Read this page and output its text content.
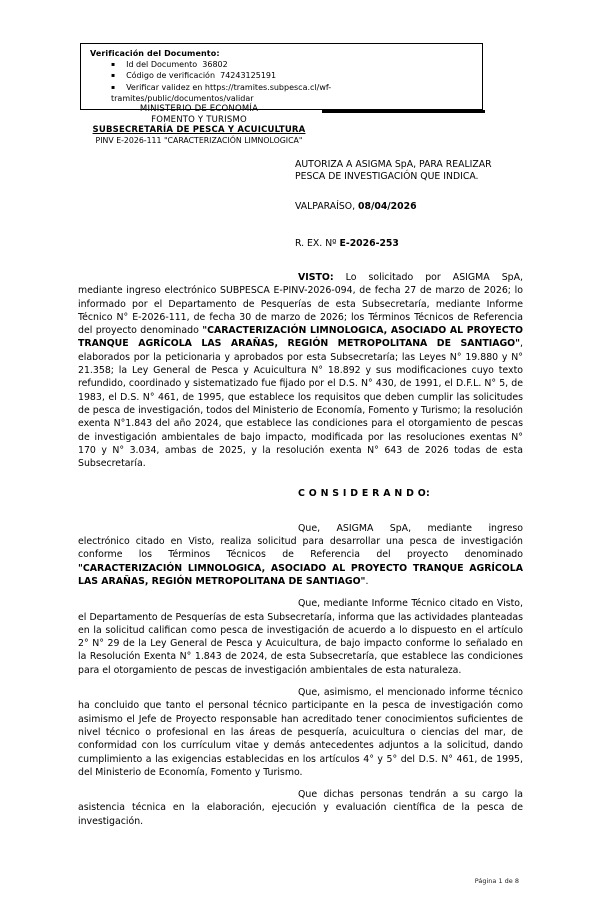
Verificación del Documento:
▪ Id del Documento 36802
▪ Código de verificación 74243125191
▪ Verificar validez en https://tramites.subpesca.cl/wf-tramites/public/documentos/validar
MINISTERIO DE ECONOMÍA
FOMENTO Y TURISMO
SUBSECRETARÍA DE PESCA Y ACUICULTURA
PINV E-2026-111 "CARACTERIZACIÓN LIMNOLOGICA"
AUTORIZA A ASIGMA SpA, PARA REALIZAR
PESCA DE INVESTIGACIÓN QUE INDICA.
VALPARAÍSO, 08/04/2026
R. EX. Nº E-2026-253

VISTO: Lo solicitado por ASIGMA SpA, mediante ingreso electrónico SUBPESCA E-PINV-2026-094, de fecha 27 de marzo de 2026; lo informado por el Departamento de Pesquerías de esta Subsecretaría, mediante Informe Técnico N° E-2026-111, de fecha 30 de marzo de 2026; los Términos Técnicos de Referencia del proyecto denominado "CARACTERIZACIÓN LIMNOLOGICA, ASOCIADO AL PROYECTO TRANQUE AGRÍCOLA LAS ARAÑAS, REGIÓN METROPOLITANA DE SANTIAGO", elaborados por la peticionaria y aprobados por esta Subsecretaría; las Leyes N° 19.880 y N° 21.358; la Ley General de Pesca y Acuicultura N° 18.892 y sus modificaciones cuyo texto refundido, coordinado y sistematizado fue fijado por el D.S. N° 430, de 1991, el D.F.L. N° 5, de 1983, el D.S. N° 461, de 1995, que establece los requisitos que deben cumplir las solicitudes de pesca de investigación, todos del Ministerio de Economía, Fomento y Turismo; la resolución exenta N°1.843 del año 2024, que establece las condiciones para el otorgamiento de pescas de investigación ambientales de bajo impacto, modificada por las resoluciones exentas N° 170 y N° 3.034, ambas de 2025, y la resolución exenta N° 643 de 2026 todas de esta Subsecretaría.

C O N S I D E R A N D O:

Que, ASIGMA SpA, mediante ingreso electrónico citado en Visto, realiza solicitud para desarrollar una pesca de investigación conforme los Términos Técnicos de Referencia del proyecto denominado "CARACTERIZACIÓN LIMNOLOGICA, ASOCIADO AL PROYECTO TRANQUE AGRÍCOLA LAS ARAÑAS, REGIÓN METROPOLITANA DE SANTIAGO".

Que, mediante Informe Técnico citado en Visto, el Departamento de Pesquerías de esta Subsecretaría, informa que las actividades planteadas en la solicitud califican como pesca de investigación de acuerdo a lo dispuesto en el artículo 2° N° 29 de la Ley General de Pesca y Acuicultura, de bajo impacto conforme lo señalado en la Resolución Exenta N° 1.843 de 2024, de esta Subsecretaría, que establece las condiciones para el otorgamiento de pescas de investigación ambientales de esta naturaleza.

Que, asimismo, el mencionado informe técnico ha concluido que tanto el personal técnico participante en la pesca de investigación como asimismo el Jefe de Proyecto responsable han acreditado tener conocimientos suficientes de nivel técnico o profesional en las áreas de pesquería, acuicultura o ciencias del mar, de conformidad con los currículum vitae y demás antecedentes adjuntos a la solicitud, dando cumplimiento a las exigencias establecidas en los artículos 4° y 5° del D.S. N° 461, de 1995, del Ministerio de Economía, Fomento y Turismo.

Que dichas personas tendrán a su cargo la asistencia técnica en la elaboración, ejecución y evaluación científica de la pesca de investigación.

Página 1 de 8
